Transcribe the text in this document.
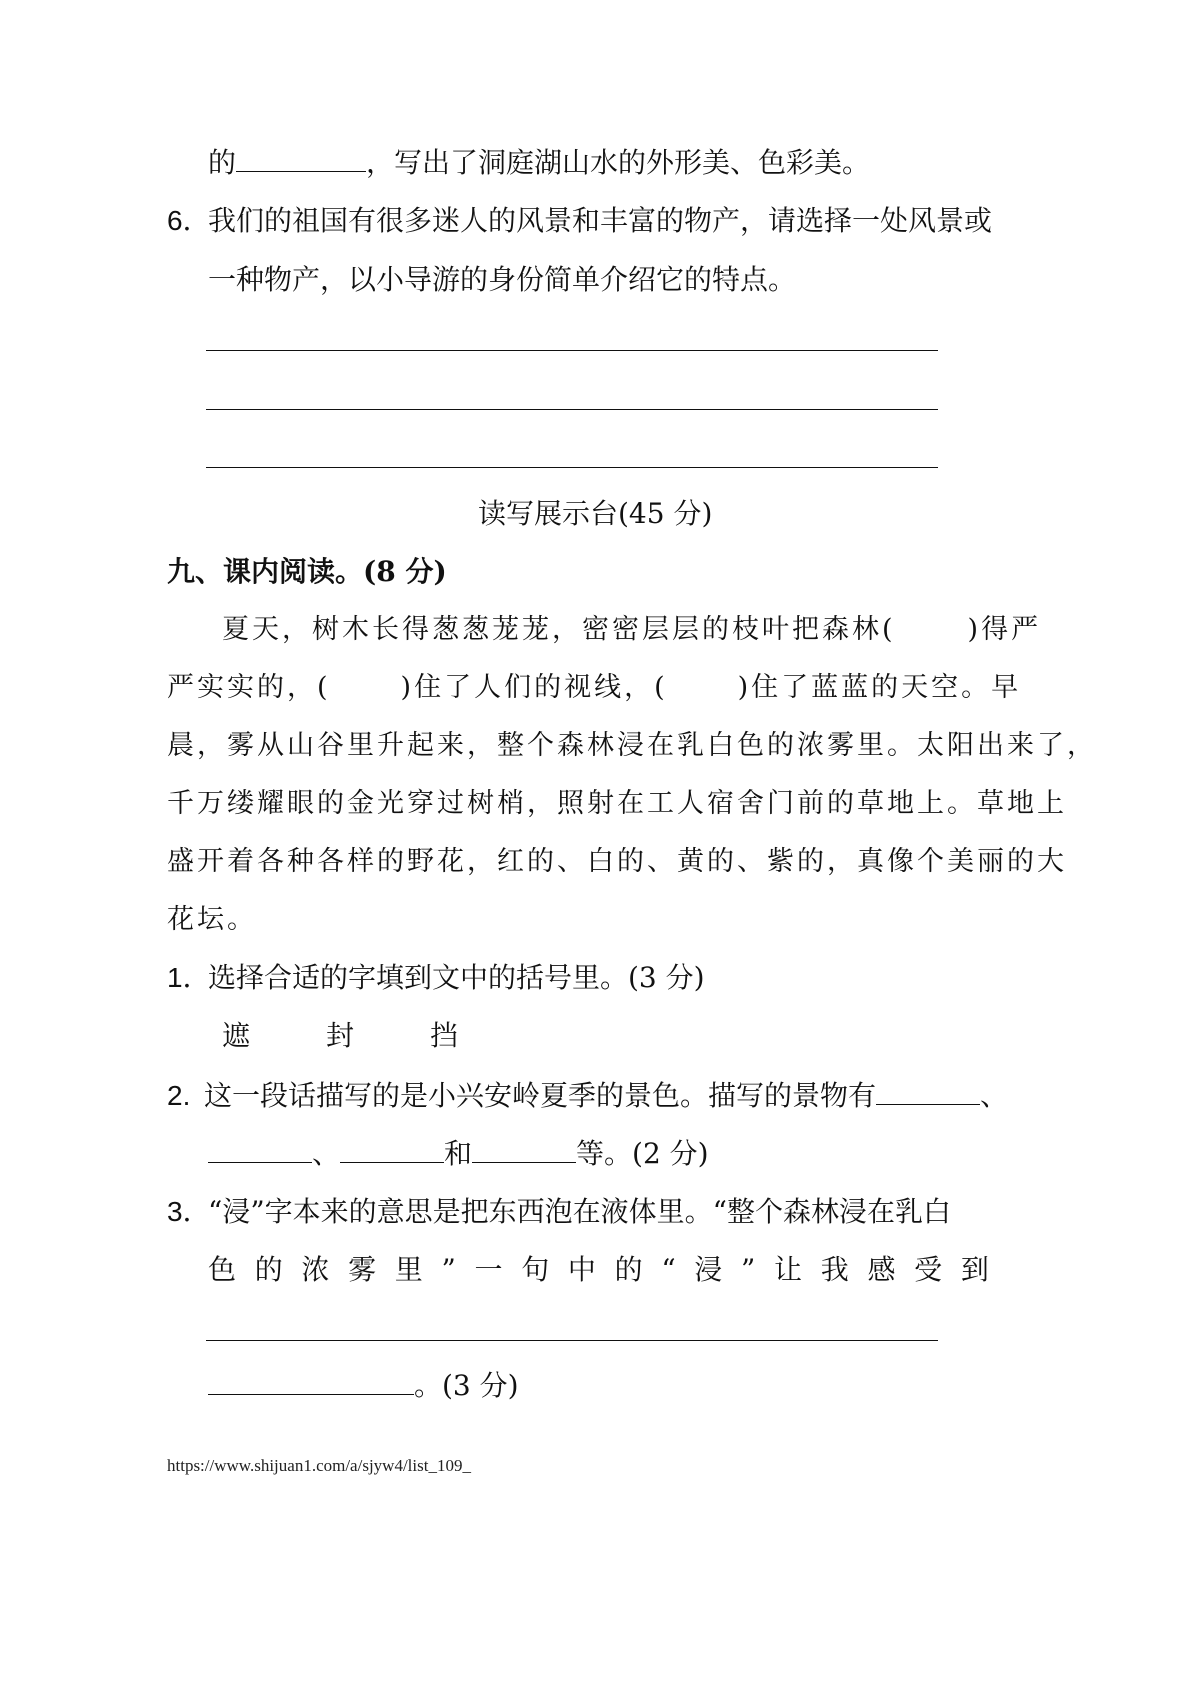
的	，写出了洞庭湖山水的外形美、色彩美。
6．
我们的祖国有很多迷人的风景和丰富的物产，请选择一处风景或
一种物产，以小导游的身份简单介绍它的特点。
读写展示台(45 分)
九、课内阅读。(8 分)
夏天，树木长得葱葱茏茏，密密层层的枝叶把森林(	)得严
严实实的，(	)住了人们的视线，(	)住了蓝蓝的天空。早
晨，雾从山谷里升起来，整个森林浸在乳白色的浓雾里。太阳出来了，
千万缕耀眼的金光穿过树梢，照射在工人宿舍门前的草地上。草地上
盛开着各种各样的野花，红的、白的、黄的、紫的，真像个美丽的大
花坛。
1．
选择合适的字填到文中的括号里。(3 分)
遮	封	挡
2. 这一段话描写的是小兴安岭夏季的景色。描写的景物有	、
、	和	等。(2 分)
3．
“浸”字本来的意思是把东西泡在液体里。“整个森林浸在乳白
色的浓雾里”一句中的“浸”让我感受到
。(3 分)
https://www.shijuan1.com/a/sjyw4/list_109_
